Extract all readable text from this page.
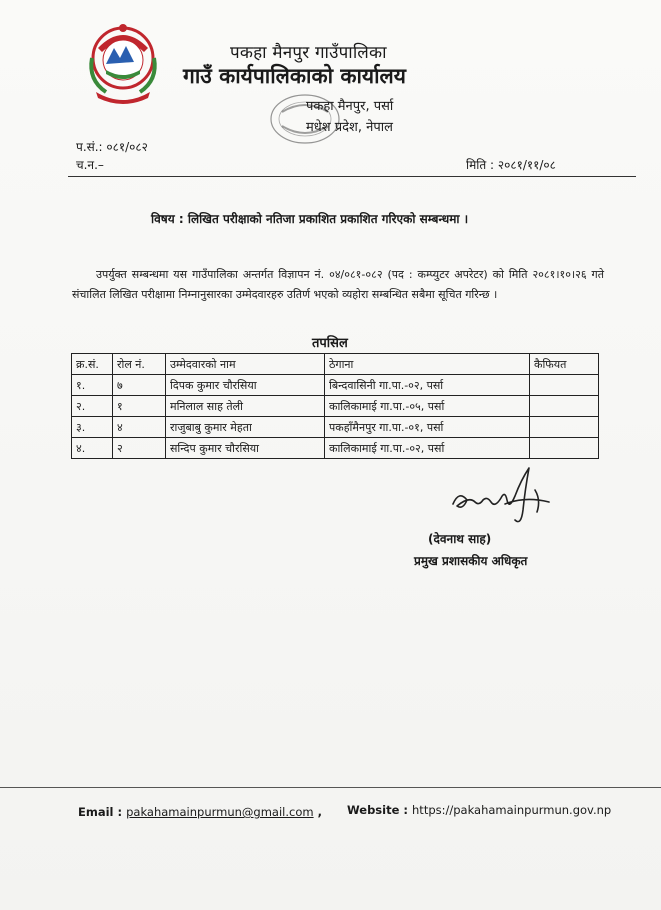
पकहा मैनपुर गाउँपालिका
गाउँ कार्यपालिकाको कार्यालय
पकहा मैनपुर, पर्सा
मधेश प्रदेश, नेपाल
प.सं.: ०८१/०८२
च.न.–	मिति : २०८१/११/०८
विषय : लिखित परीक्षाको नतिजा प्रकाशित प्रकाशित गरिएको सम्बन्धमा ।
उपर्युक्त सम्बन्धमा यस गाउँपालिका अन्तर्गत विज्ञापन नं. ०४/०८१-०८२ (पद : कम्प्युटर अपरेटर) को मिति २०८१।१०।२६ गते संचालित लिखित परीक्षामा निम्नानुसारका उम्मेदवारहरु उतिर्ण भएको व्यहोरा सम्बन्धित सबैमा सूचित गरिन्छ ।
तपसिल
क्र.सं.	रोल नं.	उम्मेदवारको नाम	ठेगाना	कैफियत
१.	७	दिपक कुमार चौरसिया	बिन्दवासिनी गा.पा.-०२, पर्सा	
२.	१	मनिलाल साह तेली	कालिकामाई गा.पा.-०५, पर्सा	
३.	४	राजुबाबु कुमार मेहता	पकहाँमैनपुर गा.पा.-०१, पर्सा	
४.	२	सन्दिप कुमार चौरसिया	कालिकामाई गा.पा.-०२, पर्सा	
(देवनाथ साह)
प्रमुख प्रशासकीय अधिकृत
Email : pakahamainpurmun@gmail.com , Website : https://pakahamainpurmun.gov.np
